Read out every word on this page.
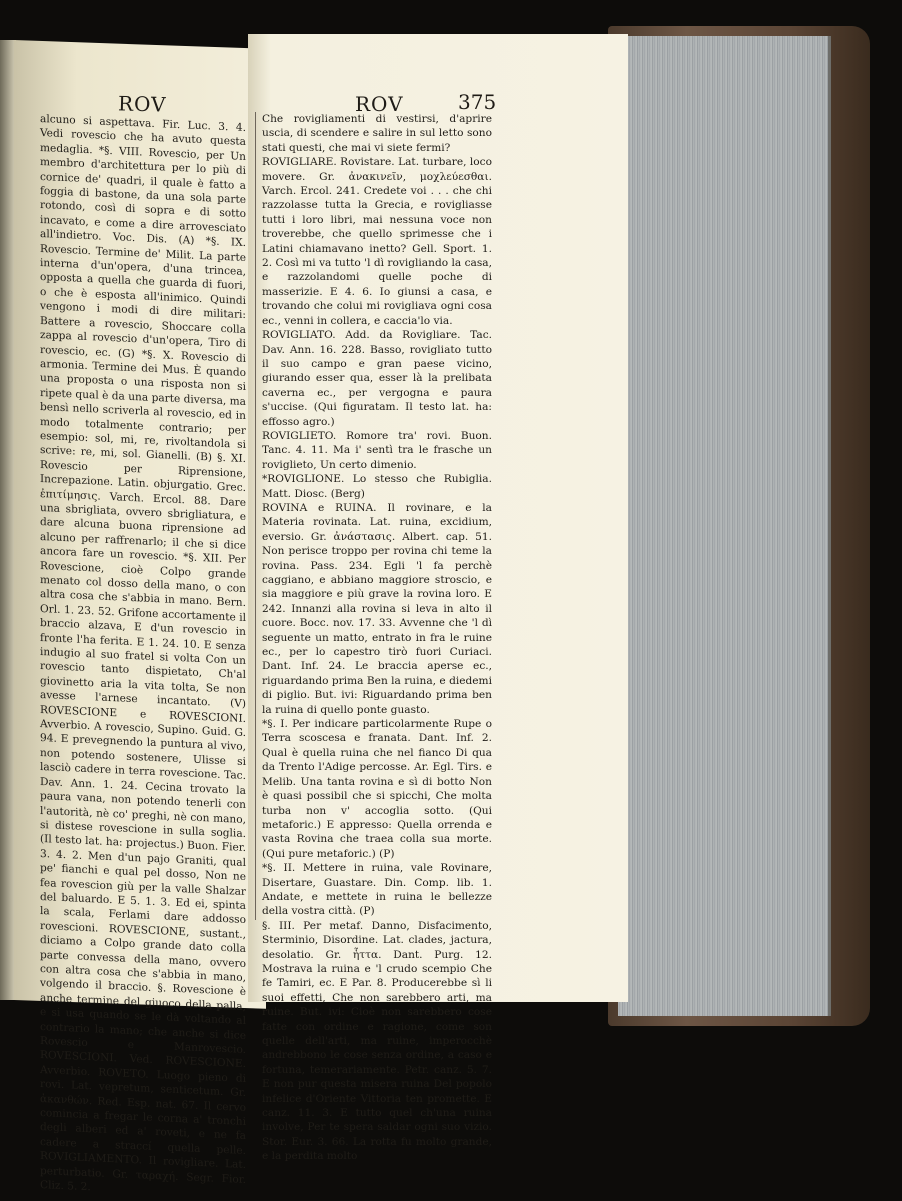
ROV	ROV	375

alcuno si aspettava. Fir. Luc. 3. 4. Vedi rovescio che ha avuto questa medaglia. *§. VIII. Rovescio, per Un membro d'architettura per lo più di cornice de' quadri, il quale è fatto a foggia di bastone, da una sola parte rotondo, così di sopra e di sotto incavato, e come a dire arrovesciato all'indietro. Voc. Dis. (A) *§. IX. Rovescio. Termine de' Milit. La parte interna d'un'opera, d'una trincea, opposta a quella che guarda di fuori, o che è esposta all'inimico. Quindi vengono i modi di dire militari: Battere a rovescio, Shoccare colla zappa al rovescio d'un'opera, Tiro di rovescio, ec. (G) *§. X. Rovescio di armonia. Termine dei Mus. È quando una proposta o una risposta non si ripete qual è da una parte diversa, ma bensì nello scriverla al rovescio, ed in modo totalmente contrario; per esempio: sol, mi, re, rivoltandola si scrive: re, mi, sol. Gianelli. (B) §. XI. Rovescio per Riprensione, Increpazione. Latin. objurgatio. Grec. ἐπιτίμησις. Varch. Ercol. 88. Dare una sbrigliata, ovvero sbrigliatura, e dare alcuna buona riprensione ad alcuno per raffrenarlo; il che si dice ancora fare un rovescio. *§. XII. Per Rovescione, cioè Colpo grande menato col dosso della mano, o con altra cosa che s'abbia in mano. Bern. Orl. 1. 23. 52. Grifone accortamente il braccio alzava, E d'un rovescio in fronte l'ha ferita. E 1. 24. 10. E senza indugio al suo fratel si volta Con un rovescio tanto dispietato, Ch'al giovinetto aria la vita tolta, Se non avesse l'arnese incantato. (V) ROVESCIONE e ROVESCIONI. Avverbio. A rovescio, Supino. Guid. G. 94. E prevegnendo la puntura al vivo, non potendo sostenere, Ulisse si lasciò cadere in terra rovescione. Tac. Dav. Ann. 1. 24. Cecina trovato la paura vana, non potendo tenerli con l'autorità, nè co' preghi, nè con mano, si distese rovescione in sulla soglia. (Il testo lat. ha: projectus.) Buon. Fier. 3. 4. 2. Men d'un pajo Graniti, qual pe' fianchi e qual pel dosso, Non ne fea rovescion giù per la valle Shalzar del baluardo. E 5. 1. 3. Ed ei, spinta la scala, Ferlami dare addosso rovescioni. ROVESCIONE, sustant., diciamo a Colpo grande dato colla parte convessa della mano, ovvero con altra cosa che s'abbia in mano, volgendo il braccio. §. Rovescione è anche termine del giuoco della palla, e si usa quando se le dà voltando al contrario la mano; che anche si dice Rovescio e Manrovescio. ROVESCIONI. Ved. ROVESCIONE. Avverbio. ROVETO. Luogo pieno di rovi. Lat. vepretum, senticetum. Gr. ἀκανθών. Red. Esp. nat. 67. Il cervo comincia a fregar le corna a' tronchi degli alberi ed a' roveti, e ne fa cadere a straccí quella pelle. ROVIGLIAMENTO. Il rovigliare. Lat. perturbatio. Gr. ταραχή. Segr. Fior. Cliz. 5. 2.

Che rovigliamenti di vestirsi, d'aprire uscia, di scendere e salire in sul letto sono stati questi, che mai vi siete fermi?

ROVIGLIARE. Rovistare. Lat. turbare, loco movere. Gr. ἀνακινεῖν, μοχλεύεσθαι. Varch. Ercol. 241. Credete voi . . . che chi razzolasse tutta la Grecia, e rovigliasse tutti i loro libri, mai nessuna voce non troverebbe, che quello sprimesse che i Latini chiamavano inetto? Gell. Sport. 1. 2. Così mi va tutto 'l dì rovigliando la casa, e razzolandomi quelle poche di masserizie. E 4. 6. Io giunsi a casa, e trovando che colui mi rovigliava ogni cosa ec., venni in collera, e caccia'lo via.

ROVIGLIATO. Add. da Rovigliare. Tac. Dav. Ann. 16. 228. Basso, rovigliato tutto il suo campo e gran paese vicino, giurando esser qua, esser là la prelibata caverna ec., per vergogna e paura s'uccise. (Qui figuratam. Il testo lat. ha: effosso agro.)

ROVIGLIETO. Romore tra' rovi. Buon. Tanc. 4. 11. Ma i' sentì tra le frasche un roviglieto, Un certo dimenio.

*ROVIGLIONE. Lo stesso che Rubiglia. Matt. Diosc. (Berg)

ROVINA e RUINA. Il rovinare, e la Materia rovinata. Lat. ruina, excidium, eversio. Gr. ἀνάστασις. Albert. cap. 51. Non perisce troppo per rovina chi teme la rovina. Pass. 234. Egli 'l fa perchè caggiano, e abbiano maggiore stroscio, e sia maggiore e più grave la rovina loro. E 242. Innanzi alla rovina si leva in alto il cuore. Bocc. nov. 17. 33. Avvenne che 'l dì seguente un matto, entrato in fra le ruine ec., per lo capestro tirò fuori Curiaci. Dant. Inf. 24. Le braccia aperse ec., riguardando prima Ben la ruina, e diedemi di piglio. But. ivi: Riguardando prima ben la ruina di quello ponte guasto.

*§. I. Per indicare particolarmente Rupe o Terra scoscesa e franata. Dant. Inf. 2. Qual è quella ruina che nel fianco Di qua da Trento l'Adige percosse. Ar. Egl. Tirs. e Melib. Una tanta rovina e sì di botto Non è quasi possibil che si spicchi, Che molta turba non v' accoglia sotto. (Qui metaforic.) E appresso: Quella orrenda e vasta Rovina che traea colla sua morte. (Qui pure metaforic.) (P)

*§. II. Mettere in ruina, vale Rovinare, Disertare, Guastare. Din. Comp. lib. 1. Andate, e mettete in ruina le bellezze della vostra città. (P)

§. III. Per metaf. Danno, Disfacimento, Sterminio, Disordine. Lat. clades, jactura, desolatio. Gr. ἧττα. Dant. Purg. 12. Mostrava la ruina e 'l crudo scempio Che fe Tamiri, ec. E Par. 8. Producerebbe sì li suoi effetti, Che non sarebbero arti, ma ruine. But. ivi: Cioè non sarebbero cose fatte con ordine e ragione, come son quelle dell'arti, ma ruine, imperocchè andrebbono le cose senza ordine, a caso e fortuna, temerariamente. Petr. canz. 5. 7. E non pur questa misera ruina Del popolo infelice d'Oriente Vittoria ten promette. E canz. 11. 3. E tutto quel ch'una ruina involve, Per te spera saldar ogni suo vizio. Stor. Eur. 3. 66. La rotta fu molto grande, e la perdita molto
